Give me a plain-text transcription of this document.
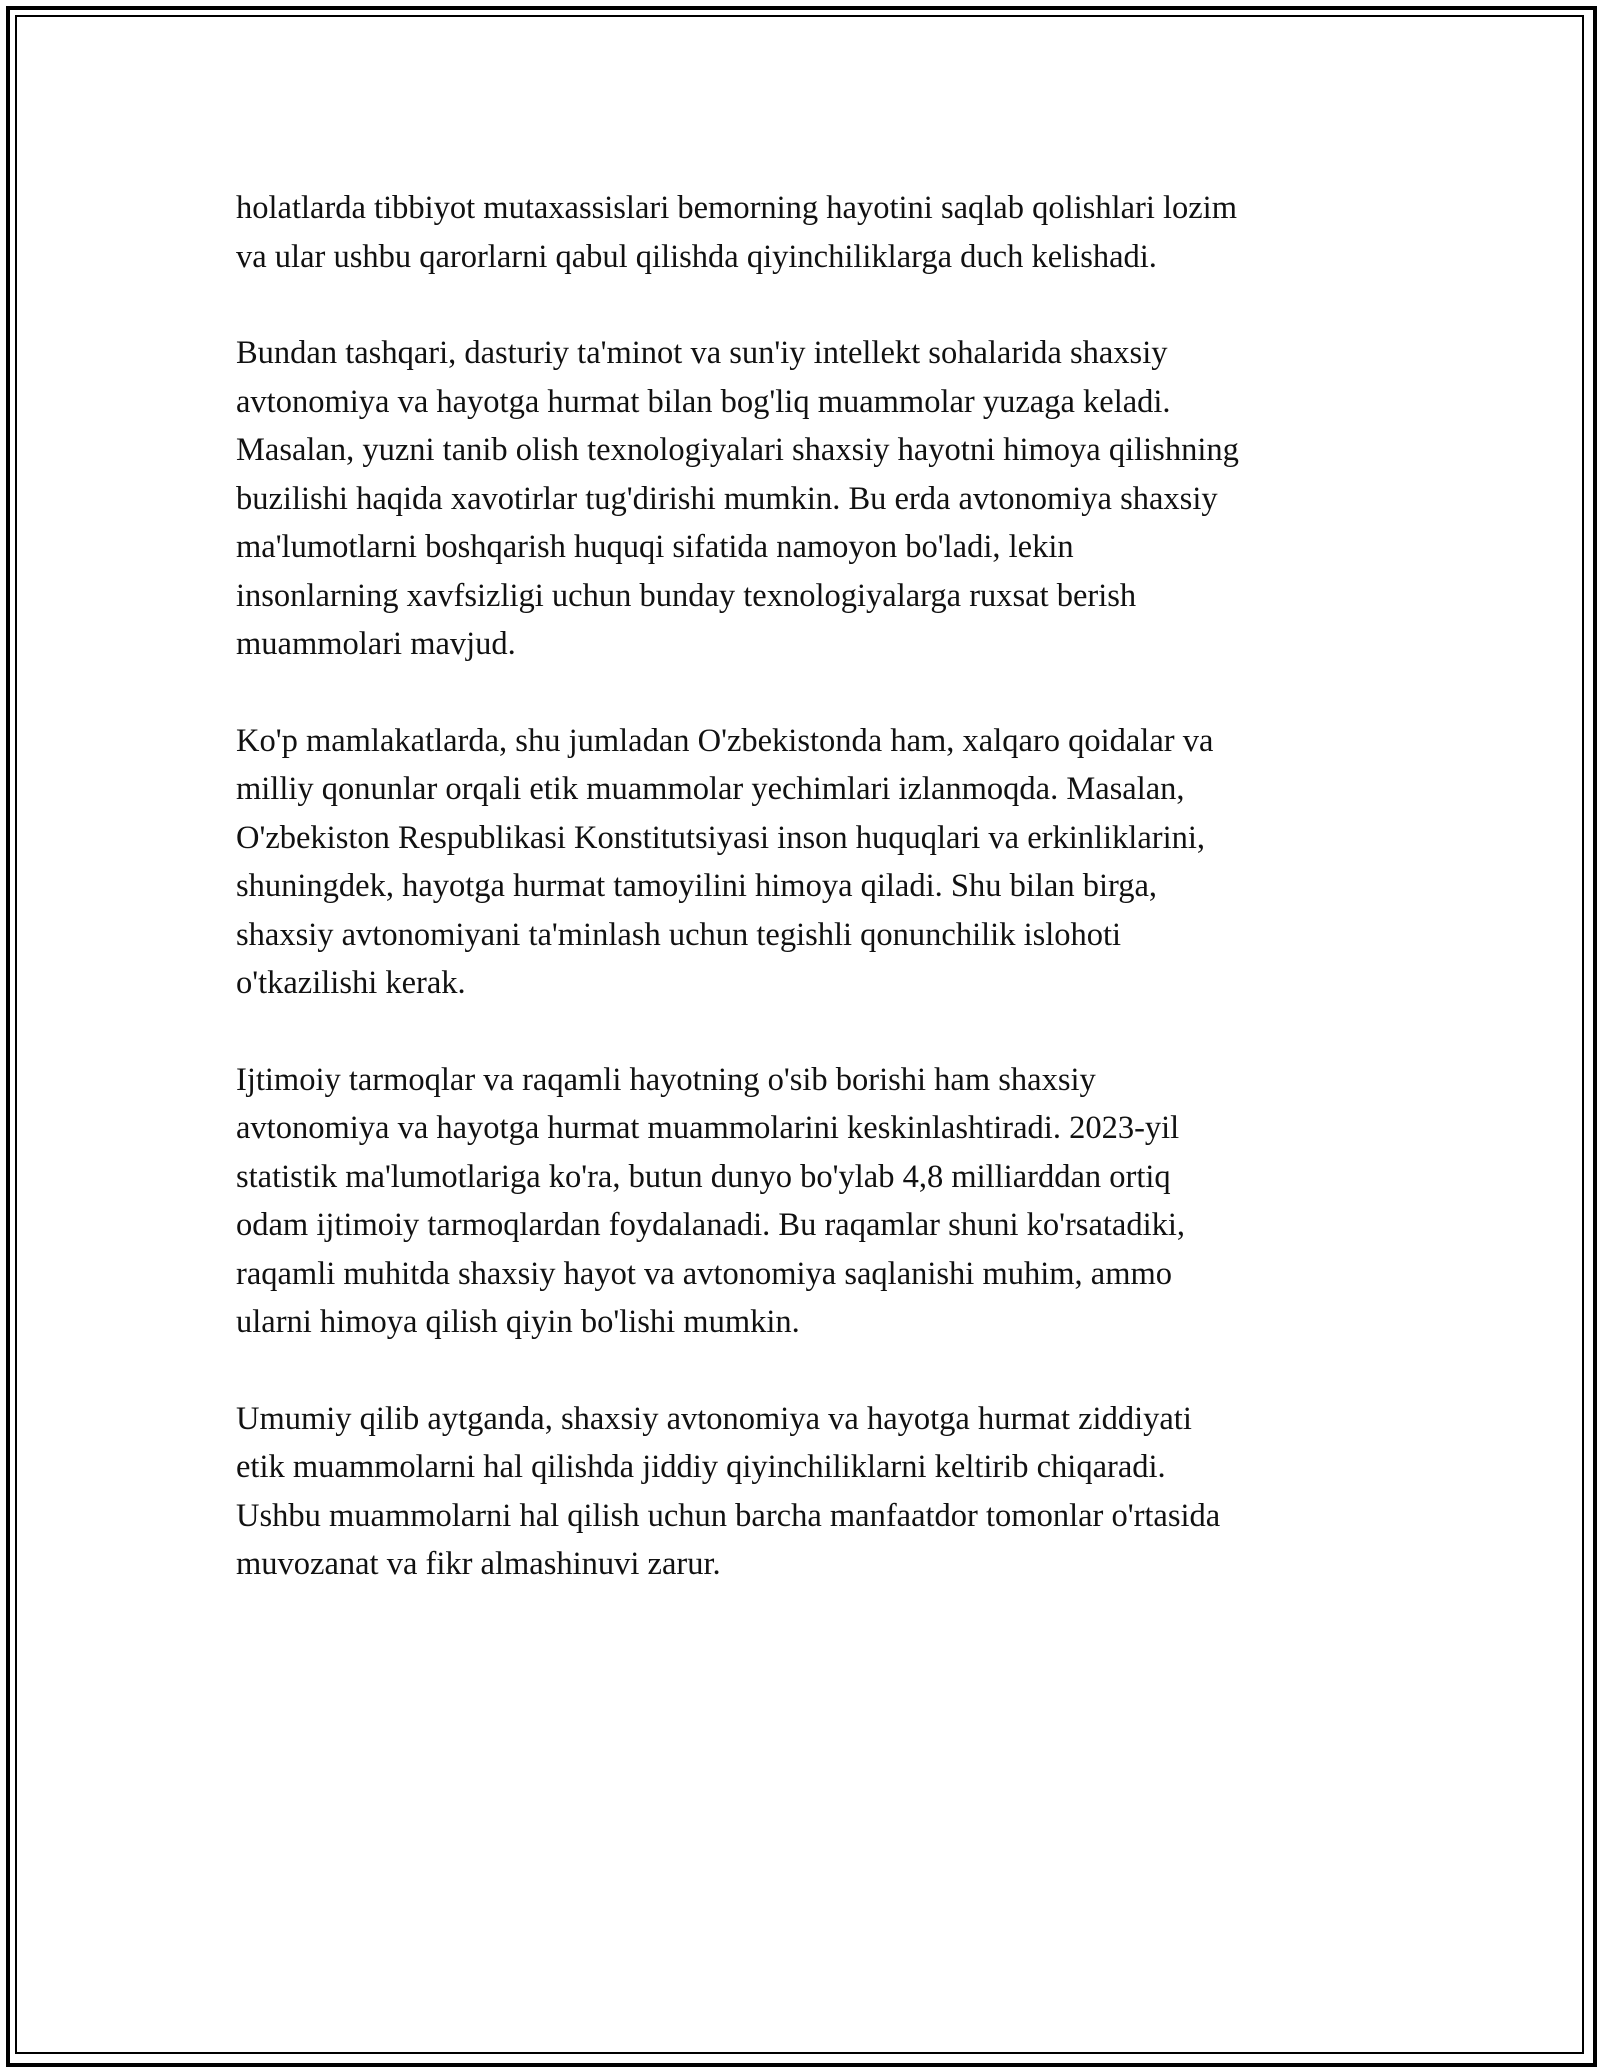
holatlarda tibbiyot mutaxassislari bemorning hayotini saqlab qolishlari lozim
va ular ushbu qarorlarni qabul qilishda qiyinchiliklarga duch kelishadi.

Bundan tashqari, dasturiy ta'minot va sun'iy intellekt sohalarida shaxsiy
avtonomiya va hayotga hurmat bilan bog'liq muammolar yuzaga keladi.
Masalan, yuzni tanib olish texnologiyalari shaxsiy hayotni himoya qilishning
buzilishi haqida xavotirlar tug'dirishi mumkin. Bu erda avtonomiya shaxsiy
ma'lumotlarni boshqarish huquqi sifatida namoyon bo'ladi, lekin
insonlarning xavfsizligi uchun bunday texnologiyalarga ruxsat berish
muammolari mavjud.

Ko'p mamlakatlarda, shu jumladan O'zbekistonda ham, xalqaro qoidalar va
milliy qonunlar orqali etik muammolar yechimlari izlanmoqda. Masalan,
O'zbekiston Respublikasi Konstitutsiyasi inson huquqlari va erkinliklarini,
shuningdek, hayotga hurmat tamoyilini himoya qiladi. Shu bilan birga,
shaxsiy avtonomiyani ta'minlash uchun tegishli qonunchilik islohoti
o'tkazilishi kerak.

Ijtimoiy tarmoqlar va raqamli hayotning o'sib borishi ham shaxsiy
avtonomiya va hayotga hurmat muammolarini keskinlashtiradi. 2023-yil
statistik ma'lumotlariga ko'ra, butun dunyo bo'ylab 4,8 milliarddan ortiq
odam ijtimoiy tarmoqlardan foydalanadi. Bu raqamlar shuni ko'rsatadiki,
raqamli muhitda shaxsiy hayot va avtonomiya saqlanishi muhim, ammo
ularni himoya qilish qiyin bo'lishi mumkin.

Umumiy qilib aytganda, shaxsiy avtonomiya va hayotga hurmat ziddiyati
etik muammolarni hal qilishda jiddiy qiyinchiliklarni keltirib chiqaradi.
Ushbu muammolarni hal qilish uchun barcha manfaatdor tomonlar o'rtasida
muvozanat va fikr almashinuvi zarur.
